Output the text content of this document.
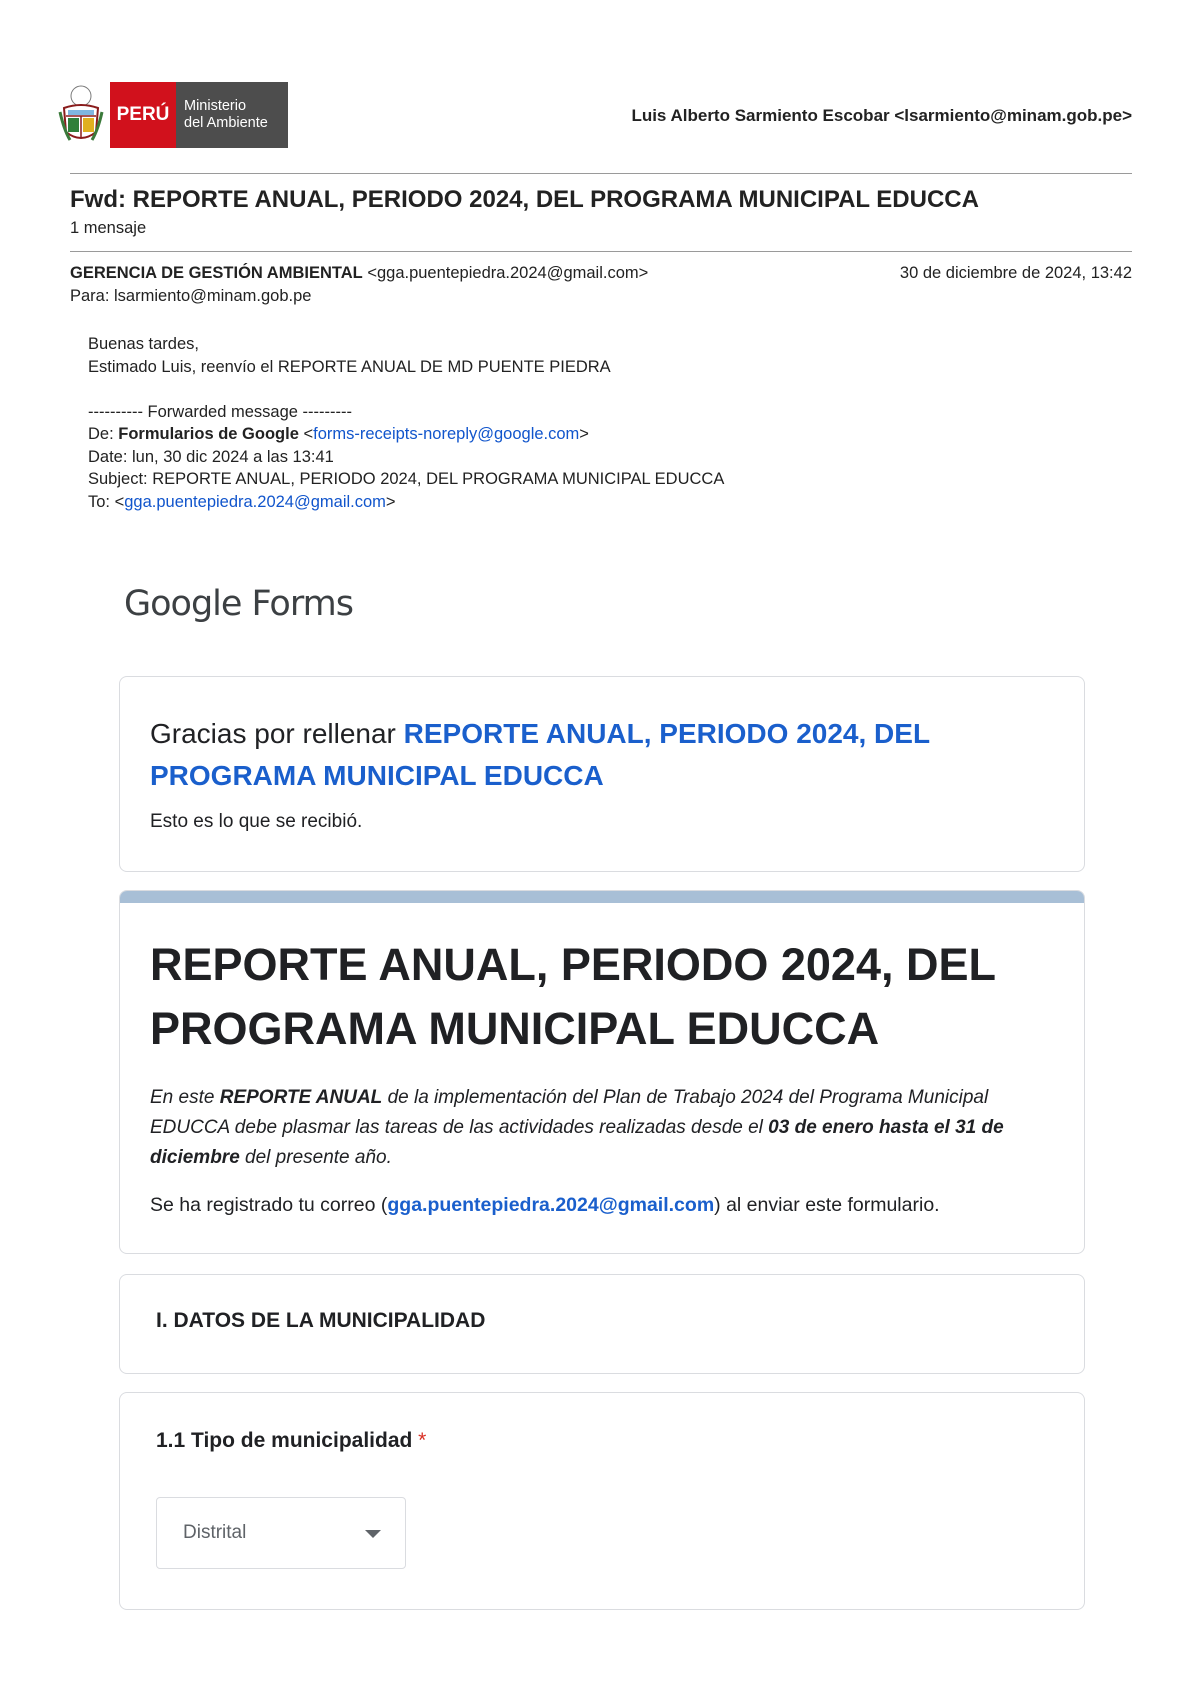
PERÚ	Ministerio
del Ambiente	Luis Alberto Sarmiento Escobar <lsarmiento@minam.gob.pe>
Fwd: REPORTE ANUAL, PERIODO 2024, DEL PROGRAMA MUNICIPAL EDUCCA
1 mensaje
GERENCIA DE GESTIÓN AMBIENTAL <gga.puentepiedra.2024@gmail.com>	30 de diciembre de 2024, 13:42
Para: lsarmiento@minam.gob.pe
Buenas tardes,
Estimado Luis, reenvío el REPORTE ANUAL DE MD PUENTE PIEDRA

---------- Forwarded message ---------
De: Formularios de Google <forms-receipts-noreply@google.com>
Date: lun, 30 dic 2024 a las 13:41
Subject: REPORTE ANUAL, PERIODO 2024, DEL PROGRAMA MUNICIPAL EDUCCA
To: <gga.puentepiedra.2024@gmail.com>
Google Forms
Gracias por rellenar REPORTE ANUAL, PERIODO 2024, DEL PROGRAMA MUNICIPAL EDUCCA
Esto es lo que se recibió.
REPORTE ANUAL, PERIODO 2024, DEL PROGRAMA MUNICIPAL EDUCCA
En este REPORTE ANUAL de la implementación del Plan de Trabajo 2024 del Programa Municipal EDUCCA debe plasmar las tareas de las actividades realizadas desde el 03 de enero hasta el 31 de diciembre del presente año.
Se ha registrado tu correo (gga.puentepiedra.2024@gmail.com) al enviar este formulario.
I. DATOS DE LA MUNICIPALIDAD
1.1 Tipo de municipalidad *
Distrital
